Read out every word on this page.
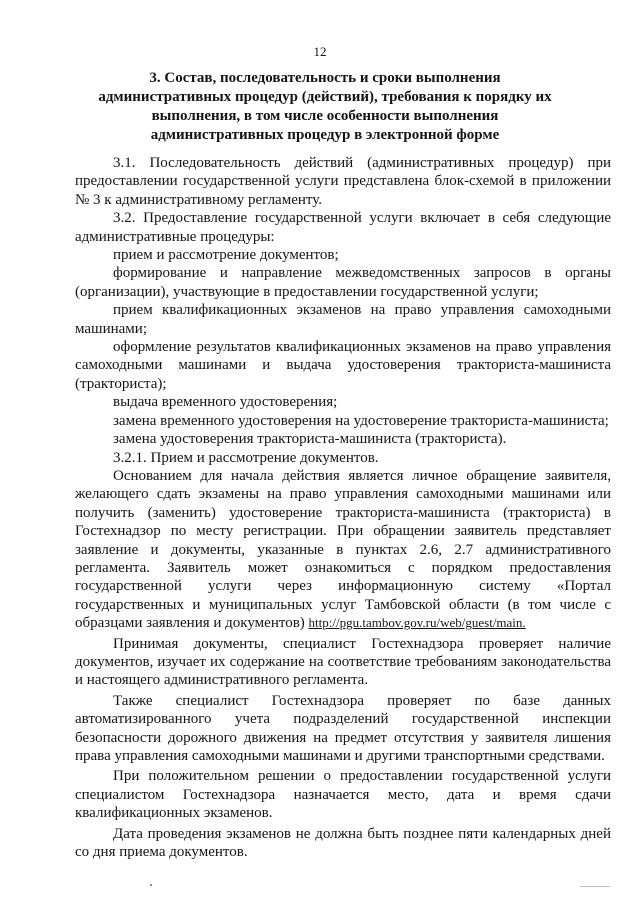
12
3. Состав, последовательность и сроки выполнения административных процедур (действий), требования к порядку их выполнения, в том числе особенности выполнения административных процедур в электронной форме

3.1. Последовательность действий (административных процедур) при предоставлении государственной услуги представлена блок-схемой в приложении № 3 к административному регламенту.

3.2. Предоставление государственной услуги включает в себя следующие административные процедуры:

прием и рассмотрение документов;

формирование и направление межведомственных запросов в органы (организации), участвующие в предоставлении государственной услуги;

прием квалификационных экзаменов на право управления самоходными машинами;

оформление результатов квалификационных экзаменов на право управления самоходными машинами и выдача удостоверения тракториста-машиниста (тракториста);

выдача временного удостоверения;

замена временного удостоверения на удостоверение тракториста-машиниста;

замена удостоверения тракториста-машиниста (тракториста).

3.2.1. Прием и рассмотрение документов.

Основанием для начала действия является личное обращение заявителя, желающего сдать экзамены на право управления самоходными машинами или получить (заменить) удостоверение тракториста-машиниста (тракториста) в Гостехнадзор по месту регистрации. При обращении заявитель представляет заявление и документы, указанные в пунктах 2.6, 2.7 административного регламента. Заявитель может ознакомиться с порядком предоставления государственной услуги через информационную систему «Портал государственных и муниципальных услуг Тамбовской области (в том числе с образцами заявления и документов) http://pgu.tambov.gov.ru/web/guest/main.

Принимая документы, специалист Гостехнадзора проверяет наличие документов, изучает их содержание на соответствие требованиям законодательства и настоящего административного регламента.

Также специалист Гостехнадзора проверяет по базе данных автоматизированного учета подразделений государственной инспекции безопасности дорожного движения на предмет отсутствия у заявителя лишения права управления самоходными машинами и другими транспортными средствами.

При положительном решении о предоставлении государственной услуги специалистом Гостехнадзора назначается место, дата и время сдачи квалификационных экзаменов.

Дата проведения экзаменов не должна быть позднее пяти календарных дней со дня приема документов.
